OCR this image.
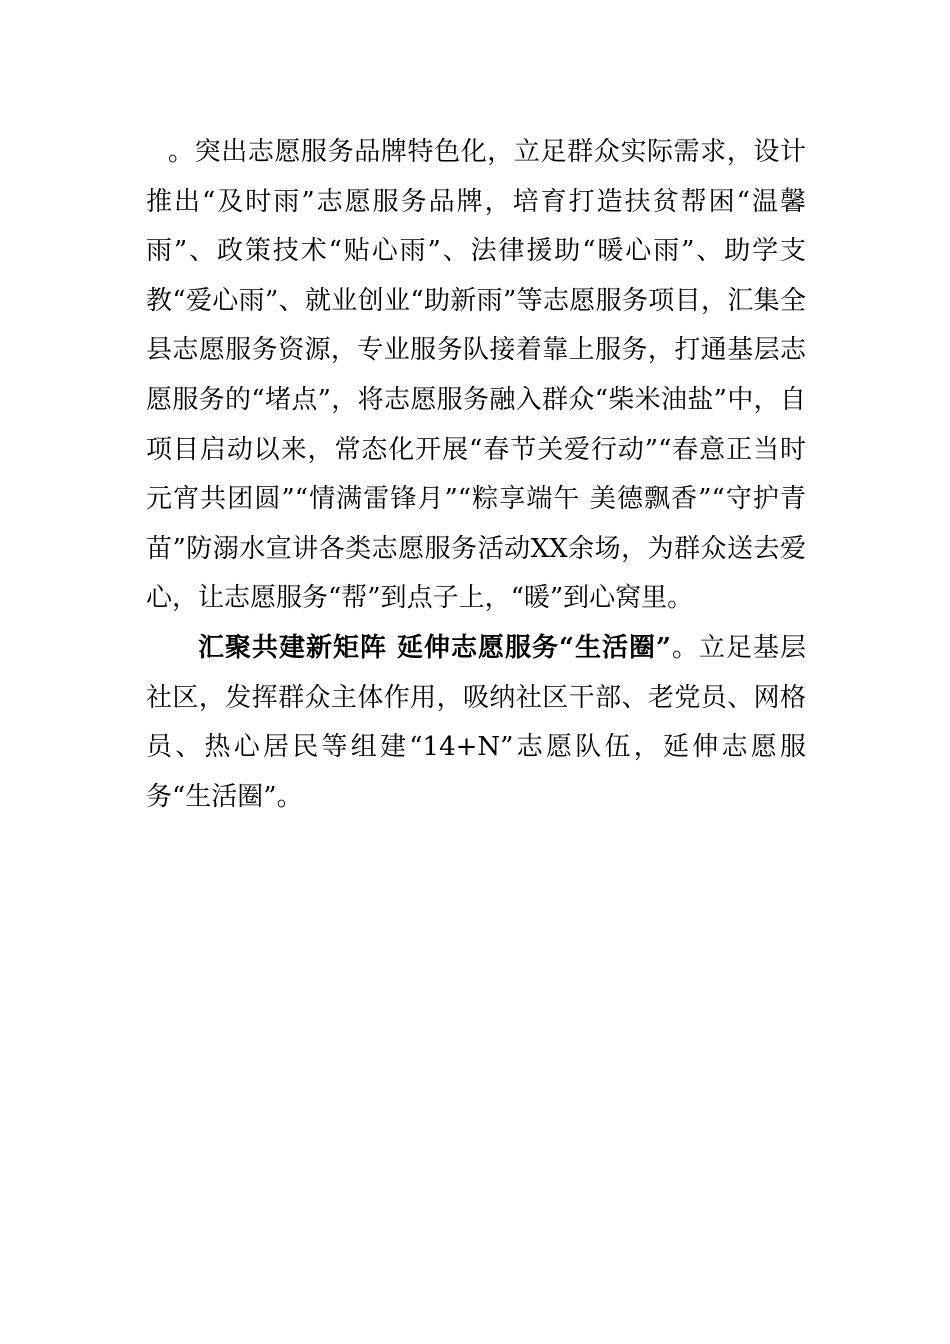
。突出志愿服务品牌特色化，立足群众实际需求，设计推出“及时雨”志愿服务品牌，培育打造扶贫帮困“温馨雨”、政策技术“贴心雨”、法律援助“暖心雨”、助学支教“爱心雨”、就业创业“助新雨”等志愿服务项目，汇集全县志愿服务资源，专业服务队接着靠上服务，打通基层志愿服务的“堵点”，将志愿服务融入群众“柴米油盐”中，自项目启动以来，常态化开展“春节关爱行动”“春意正当时 元宵共团圆”“情满雷锋月”“粽享端午 美德飘香”“守护青苗”防溺水宣讲各类志愿服务活动XX余场，为群众送去爱心，让志愿服务“帮”到点子上，“暖”到心窝里。

汇聚共建新矩阵 延伸志愿服务“生活圈”。立足基层社区，发挥群众主体作用，吸纳社区干部、老党员、网格员、热心居民等组建“14+N”志愿队伍，延伸志愿服务“生活圈”。
